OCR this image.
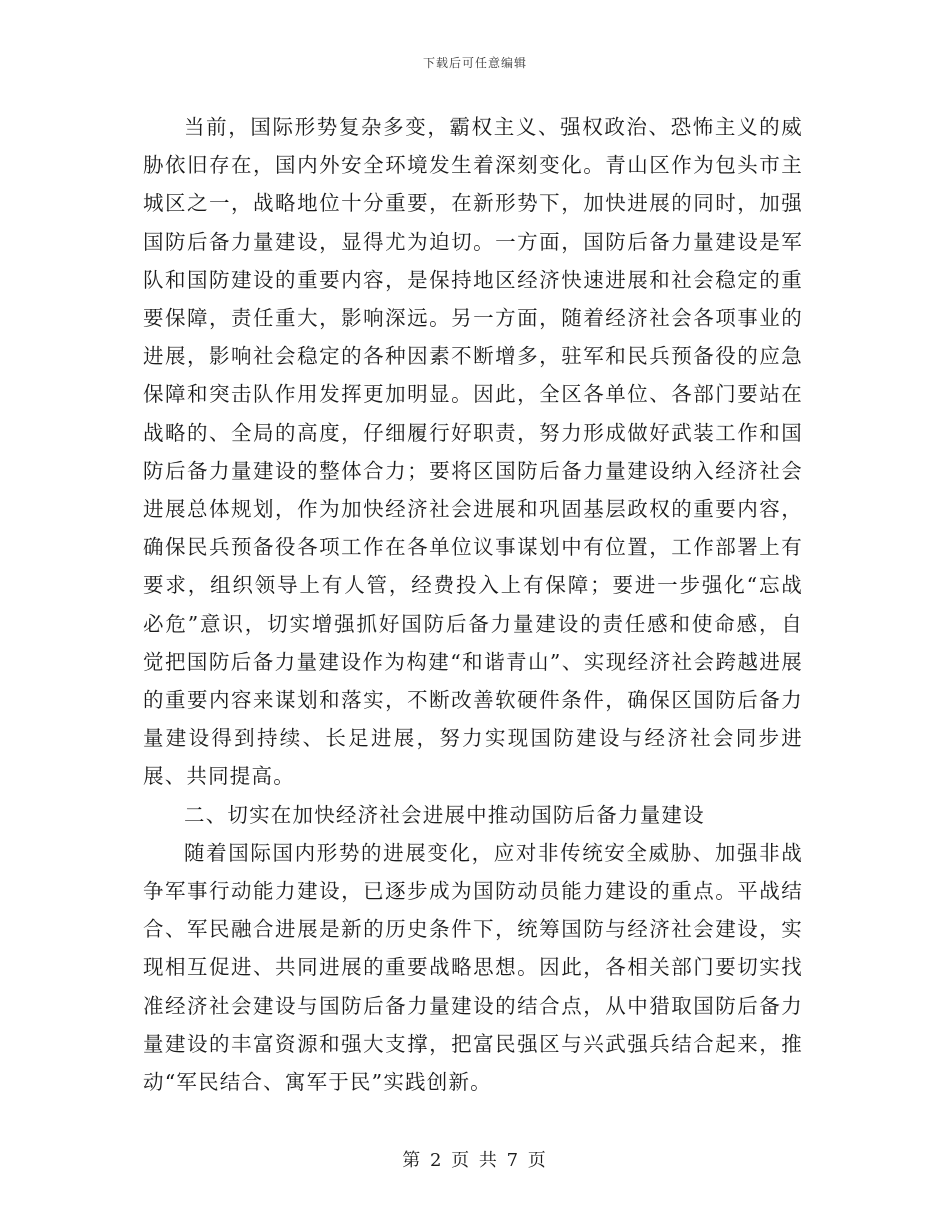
下载后可任意编辑

当前，国际形势复杂多变，霸权主义、强权政治、恐怖主义的威胁依旧存在，国内外安全环境发生着深刻变化。青山区作为包头市主城区之一，战略地位十分重要，在新形势下，加快进展的同时，加强国防后备力量建设，显得尤为迫切。一方面，国防后备力量建设是军队和国防建设的重要内容，是保持地区经济快速进展和社会稳定的重要保障，责任重大，影响深远。另一方面，随着经济社会各项事业的进展，影响社会稳定的各种因素不断增多，驻军和民兵预备役的应急保障和突击队作用发挥更加明显。因此，全区各单位、各部门要站在战略的、全局的高度，仔细履行好职责，努力形成做好武装工作和国防后备力量建设的整体合力；要将区国防后备力量建设纳入经济社会进展总体规划，作为加快经济社会进展和巩固基层政权的重要内容，确保民兵预备役各项工作在各单位议事谋划中有位置，工作部署上有要求，组织领导上有人管，经费投入上有保障；要进一步强化“忘战必危”意识，切实增强抓好国防后备力量建设的责任感和使命感，自觉把国防后备力量建设作为构建“和谐青山”、实现经济社会跨越进展的重要内容来谋划和落实，不断改善软硬件条件，确保区国防后备力量建设得到持续、长足进展，努力实现国防建设与经济社会同步进展、共同提高。

二、切实在加快经济社会进展中推动国防后备力量建设

随着国际国内形势的进展变化，应对非传统安全威胁、加强非战争军事行动能力建设，已逐步成为国防动员能力建设的重点。平战结合、军民融合进展是新的历史条件下，统筹国防与经济社会建设，实现相互促进、共同进展的重要战略思想。因此，各相关部门要切实找准经济社会建设与国防后备力量建设的结合点，从中猎取国防后备力量建设的丰富资源和强大支撑，把富民强区与兴武强兵结合起来，推动“军民结合、寓军于民”实践创新。

第 2 页 共 7 页
